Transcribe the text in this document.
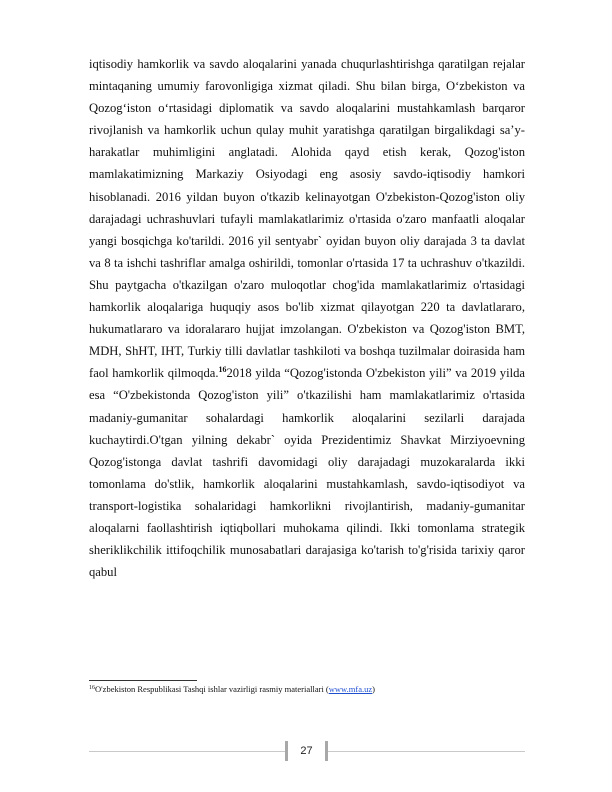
iqtisodiy hamkorlik va savdo aloqalarini yanada chuqurlashtirishga qaratilgan rejalar mintaqaning umumiy farovonligiga xizmat qiladi. Shu bilan birga, O‘zbekiston va Qozog‘iston o‘rtasidagi diplomatik va savdo aloqalarini mustahkamlash barqaror rivojlanish va hamkorlik uchun qulay muhit yaratishga qaratilgan birgalikdagi sa’y-harakatlar muhimligini anglatadi. Alohida qayd etish kerak, Qozog'iston mamlakatimizning Markaziy Osiyodagi eng asosiy savdo-iqtisodiy hamkori hisoblanadi. 2016 yildan buyon o'tkazib kelinayotgan O'zbekiston-Qozog'iston oliy darajadagi uchrashuvlari tufayli mamlakatlarimiz o'rtasida o'zaro manfaatli aloqalar yangi bosqichga ko'tarildi. 2016 yil sentyabr` oyidan buyon oliy darajada 3 ta davlat va 8 ta ishchi tashriflar amalga oshirildi, tomonlar o'rtasida 17 ta uchrashuv o'tkazildi. Shu paytgacha o'tkazilgan o'zaro muloqotlar chog'ida mamlakatlarimiz o'rtasidagi hamkorlik aloqalariga huquqiy asos bo'lib xizmat qilayotgan 220 ta davlatlararo, hukumatlararo va idoralararo hujjat imzolangan. O'zbekiston va Qozog'iston BMT, MDH, ShHT, IHT, Turkiy tilli davlatlar tashkiloti va boshqa tuzilmalar doirasida ham faol hamkorlik qilmoqda.$^{16}$2018 yilda “Qozog'istonda O'zbekiston yili” va 2019 yilda esa “O'zbekistonda Qozog'iston yili” o'tkazilishi ham mamlakatlarimiz o'rtasida madaniy-gumanitar sohalardagi hamkorlik aloqalarini sezilarli darajada kuchaytirdi.O'tgan yilning dekabr` oyida Prezidentimiz Shavkat Mirziyoevning Qozog'istonga davlat tashrifi davomidagi oliy darajadagi muzokaralarda ikki tomonlama do'stlik, hamkorlik aloqalarini mustahkamlash, savdo-iqtisodiyot va transport-logistika sohalaridagi hamkorlikni rivojlantirish, madaniy-gumanitar aloqalarni faollashtirish iqtiqbollari muhokama qilindi. Ikki tomonlama strategik sheriklikchilik ittifoqchilik munosabatlari darajasiga ko'tarish to'g'risida tarixiy qaror qabul

$^{16}$O'zbekiston Respublikasi Tashqi ishlar vazirligi rasmiy materiallari (www.mfa.uz)
27
